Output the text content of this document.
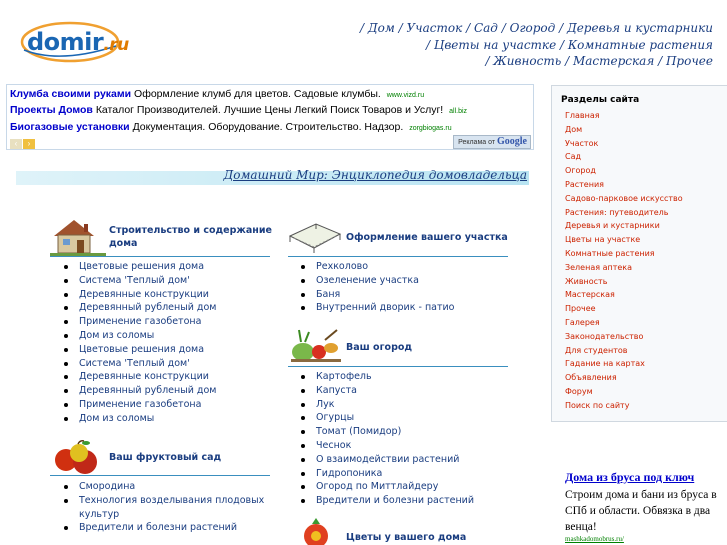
domir.ru
/ Дом / Участок / Сад / Огород / Деревья и кустарники
/ Цветы на участке / Комнатные растения
/ Живность / Мастерская / Прочее
Клумба своими руками Оформление клумб для цветов. Садовые клумбы. www.vizd.ru
Проекты Домов Каталог Производителей. Лучшие Цены Легкий Поиск Товаров и Услуг! all.biz
Биогазовые установки Документация. Оборудование. Строительство. Надзор. zorgbiogas.ru
‹ ›	Реклама от Google
Разделы сайта
Главная
Дом
Участок
Сад
Огород
Растения
Садово-парковое искусство
Растения: путеводитель
Деревья и кустарники
Цветы на участке
Комнатные растения
Зеленая аптека
Живность
Мастерская
Прочее
Галерея
Законодательство
Для студентов
Гадание на картах
Объявления
Форум
Поиск по сайту
Домашний Мир: Энциклопедия домовладельца
Строительство и содержание
дома
Цветовые решения дома
Система 'Теплый дом'
Деревянные конструкции
Деревянный рубленый дом
Применение газобетона
Дом из соломы
Цветовые решения дома
Система 'Теплый дом'
Деревянные конструкции
Деревянный рубленый дом
Применение газобетона
Дом из соломы
Ваш фруктовый сад
Смородина
Технология возделывания плодовых культур
Вредители и болезни растений
Оформление вашего участка
Рехколово
Озеленение участка
Баня
Внутренний дворик - патио
Ваш огород
Картофель
Капуста
Лук
Огурцы
Томат (Помидор)
Чеснок
О взаимодействии растений
Гидропоника
Огород по Миттлайдеру
Вредители и болезни растений
Цветы у вашего дома
Дома из бруса под ключ
Строим дома и бани из бруса в СПб и области. Обвязка в два венца!
mashkadomobrus.ru/
